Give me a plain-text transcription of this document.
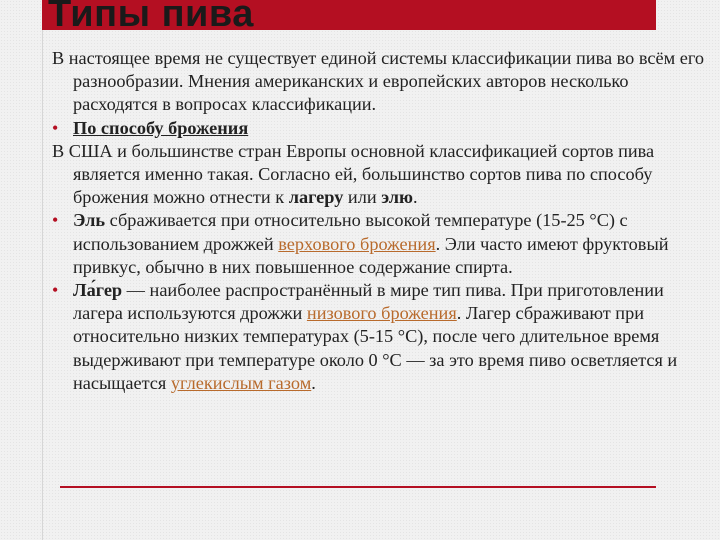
Типы пива

В настоящее время не существует единой системы классификации пива во всём его разнообразии. Мнения американских и европейских авторов несколько расходятся в вопросах классификации.

• По способу брожения

В США и большинстве стран Европы основной классификацией сортов пива является именно такая. Согласно ей, большинство сортов пива по способу брожения можно отнести к лагеру или элю.

• Эль сбраживается при относительно высокой температуре (15-25 °С) с использованием дрожжей верхового брожения. Эли часто имеют фруктовый привкус, обычно в них повышенное содержание спирта.

• Ла́гер — наиболее распространённый в мире тип пива. При приготовлении лагера используются дрожжи низового брожения. Лагер сбраживают при относительно низких температурах (5-15 °С), после чего длительное время выдерживают при температуре около 0 °С — за это время пиво осветляется и насыщается углекислым газом.
